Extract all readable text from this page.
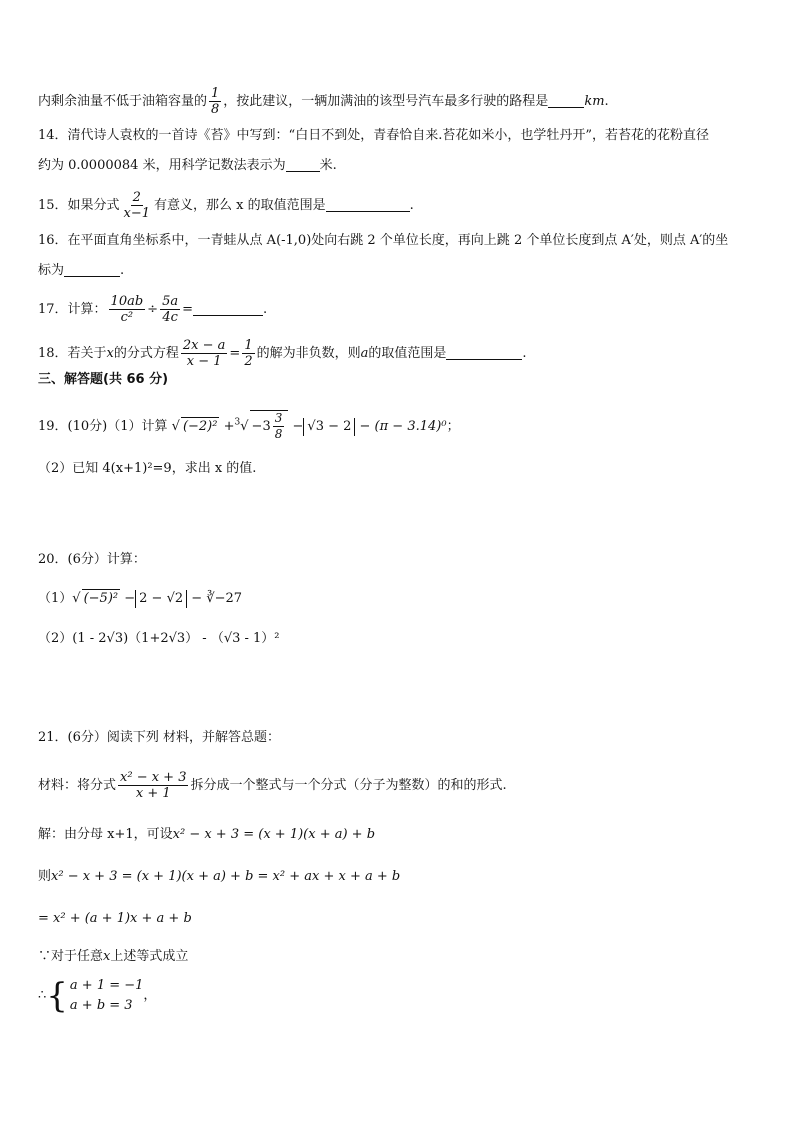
内剩余油量不低于油箱容量的 $\frac{1}{8}$ ，按此建议，一辆加满油的该型号汽车最多行驶的路程是	km.
14．清代诗人袁枚的一首诗《苔》中写到：“白日不到处，青春恰自来.苔花如米小，也学牡丹开”，若苔花的花粉直径
约为 0.0000084 米，用科学记数法表示为	米.
15．如果分式 $\frac{2}{x-1}$ 有意义，那么 x 的取值范围是	.
16．在平面直角坐标系中，一青蛙从点 A(-1,0)处向右跳 2 个单位长度，再向上跳 2 个单位长度到点 A′处，则点 A′的坐
标为	.
17．计算： $\frac{10ab}{\text{c²}} \div \frac{5a}{4c}$ =	.
18．若关于x的分式方程 $\frac{2x - a}{x - 1} = \frac{1}{2}$ 的解为非负数，则a的取值范围是	.
三、解答题(共 66 分)
19．(10分)（1）计算 √ $(-2)^2 +^3√ -3 \frac{3}{8} - √3 - 2 - (\pi - 3.14)^0$；
（2）已知 4(x+1)²=9，求出 x 的值.
20．(6分）计算：
（1）√ (−5)² − 2 − √2 − ∛−27
（2）(1 - 2√3)（1+2√3） - （√3 - 1）²
21．(6分）阅读下列 材料，并解答总题：
材料：将分式 $\frac{\text{x² − x + 3}}{x + 1}$ 拆分成一个整式与一个分式（分子为整数）的和的形式.
解：由分母 x+1，可设x² − x + 3 = (x + 1)(x + a) + b
则x² − x + 3 = (x + 1)(x + a) + b = x² + ax + x + a + b
= x² + (a + 1)x + a + b
∵对于任意x上述等式成立
∴ { a + 1 = −1
a + b = 3
，
